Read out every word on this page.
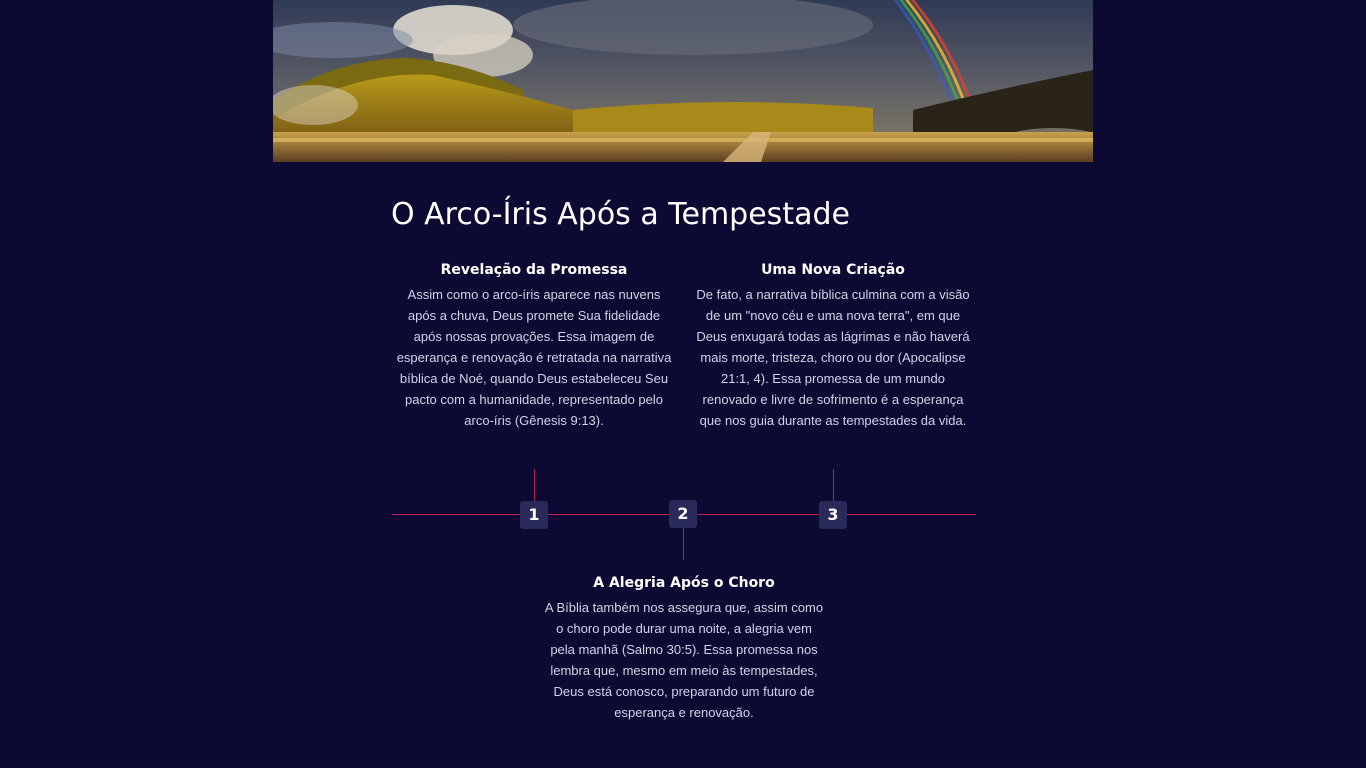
O Arco-Íris Após a Tempestade
Revelação da Promessa

Assim como o arco-íris aparece nas nuvens após a chuva, Deus promete Sua fidelidade após nossas provações. Essa imagem de esperança e renovação é retratada na narrativa bíblica de Noé, quando Deus estabeleceu Seu pacto com a humanidade, representado pelo arco-íris (Gênesis 9:13).

Uma Nova Criação

De fato, a narrativa bíblica culmina com a visão de um "novo céu e uma nova terra", em que Deus enxugará todas as lágrimas e não haverá mais morte, tristeza, choro ou dor (Apocalipse 21:1, 4). Essa promessa de um mundo renovado e livre de sofrimento é a esperança que nos guia durante as tempestades da vida.

1	2	3
A Alegria Após o Choro

A Bíblia também nos assegura que, assim como o choro pode durar uma noite, a alegria vem pela manhã (Salmo 30:5). Essa promessa nos lembra que, mesmo em meio às tempestades, Deus está conosco, preparando um futuro de esperança e renovação.
